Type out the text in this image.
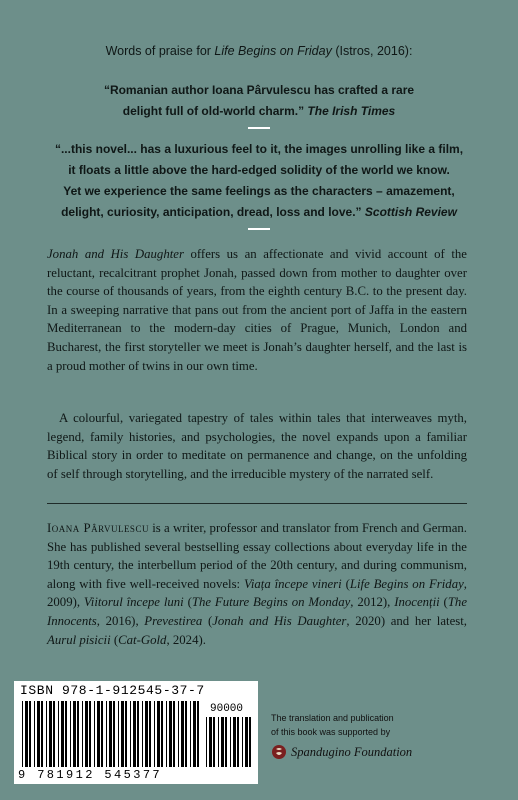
Words of praise for Life Begins on Friday (Istros, 2016):
“Romanian author Ioana Pârvulescu has crafted a rare
delight full of old-world charm.” The Irish Times
“...this novel... has a luxurious feel to it, the images unrolling like a film,
it floats a little above the hard-edged solidity of the world we know.
Yet we experience the same feelings as the characters – amazement,
delight, curiosity, anticipation, dread, loss and love.” Scottish Review

Jonah and His Daughter offers us an affectionate and vivid account of the reluctant, recalcitrant prophet Jonah, passed down from mother to daughter over the course of thousands of years, from the eighth century B.C. to the present day. In a sweeping narrative that pans out from the ancient port of Jaffa in the eastern Mediterranean to the modern-day cities of Prague, Munich, London and Bucharest, the first storyteller we meet is Jonah’s daughter herself, and the last is a proud mother of twins in our own time.

A colourful, variegated tapestry of tales within tales that interweaves myth, legend, family histories, and psychologies, the novel expands upon a familiar Biblical story in order to meditate on permanence and change, on the unfolding of self through storytelling, and the irreducible mystery of the narrated self.

Ioana Pârvulescu is a writer, professor and translator from French and German. She has published several bestselling essay collections about everyday life in the 19th century, the interbellum period of the 20th century, and during communism, along with five well-received novels: Viața începe vineri (Life Begins on Friday, 2009), Viitorul începe luni (The Future Begins on Monday, 2012), Inocenții (The Innocents, 2016), Prevestirea (Jonah and His Daughter, 2020) and her latest, Aurul pisicii (Cat-Gold, 2024).

ISBN 978-1-912545-37-7
90000
9 781912 545377
The translation and publication
of this book was supported by
Spandugino Foundation
